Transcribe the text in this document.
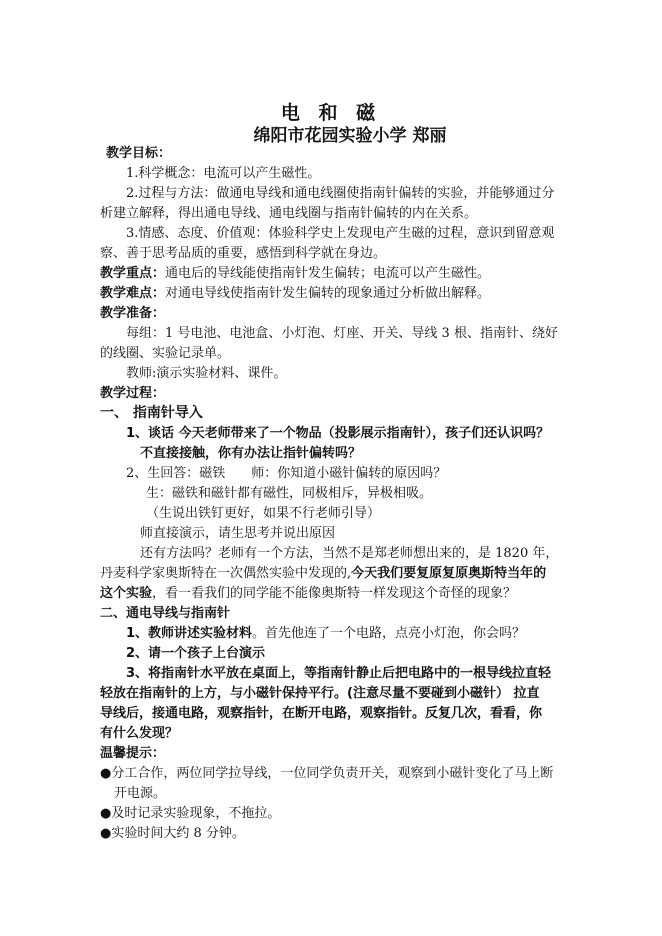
电 和 磁
绵阳市花园实验小学 郑丽
教学目标：
1.科学概念：电流可以产生磁性。
2.过程与方法：做通电导线和通电线圈使指南针偏转的实验，并能够通过分
析建立解释，得出通电导线、通电线圈与指南针偏转的内在关系。
3.情感、态度、价值观：体验科学史上发现电产生磁的过程，意识到留意观
察、善于思考品质的重要，感悟到科学就在身边。
教学重点：通电后的导线能使指南针发生偏转；电流可以产生磁性。
教学难点：对通电导线使指南针发生偏转的现象通过分析做出解释。
教学准备：
每组：1 号电池、电池盒、小灯泡、灯座、开关、导线 3 根、指南针、绕好
的线圈、实验记录单。
教师:演示实验材料、课件。
教学过程：
一、 指南针导入
1、谈话 今天老师带来了一个物品（投影展示指南针），孩子们还认识吗？
不直接接触，你有办法让指针偏转吗？
2、生回答：磁铁　　师：你知道小磁针偏转的原因吗？
生：磁铁和磁针都有磁性，同极相斥，异极相吸。
（生说出铁钉更好，如果不行老师引导）
师直接演示，请生思考并说出原因
还有方法吗？老师有一个方法，当然不是郑老师想出来的，是 1820 年，
丹麦科学家奥斯特在一次偶然实验中发现的,今天我们要复原复原奥斯特当年的
这个实验，看一看我们的同学能不能像奥斯特一样发现这个奇怪的现象？
二、通电导线与指南针
1、教师讲述实验材料。首先他连了一个电路，点亮小灯泡，你会吗？
2、请一个孩子上台演示
3、将指南针水平放在桌面上，等指南针静止后把电路中的一根导线拉直轻
轻放在指南针的上方，与小磁针保持平行。(注意尽量不要碰到小磁针） 拉直
导线后，接通电路，观察指针，在断开电路，观察指针。反复几次，看看，你
有什么发现？
温馨提示：
●分工合作，两位同学拉导线，一位同学负责开关，观察到小磁针变化了马上断
开电源。
●及时记录实验现象，不拖拉。
●实验时间大约 8 分钟。
